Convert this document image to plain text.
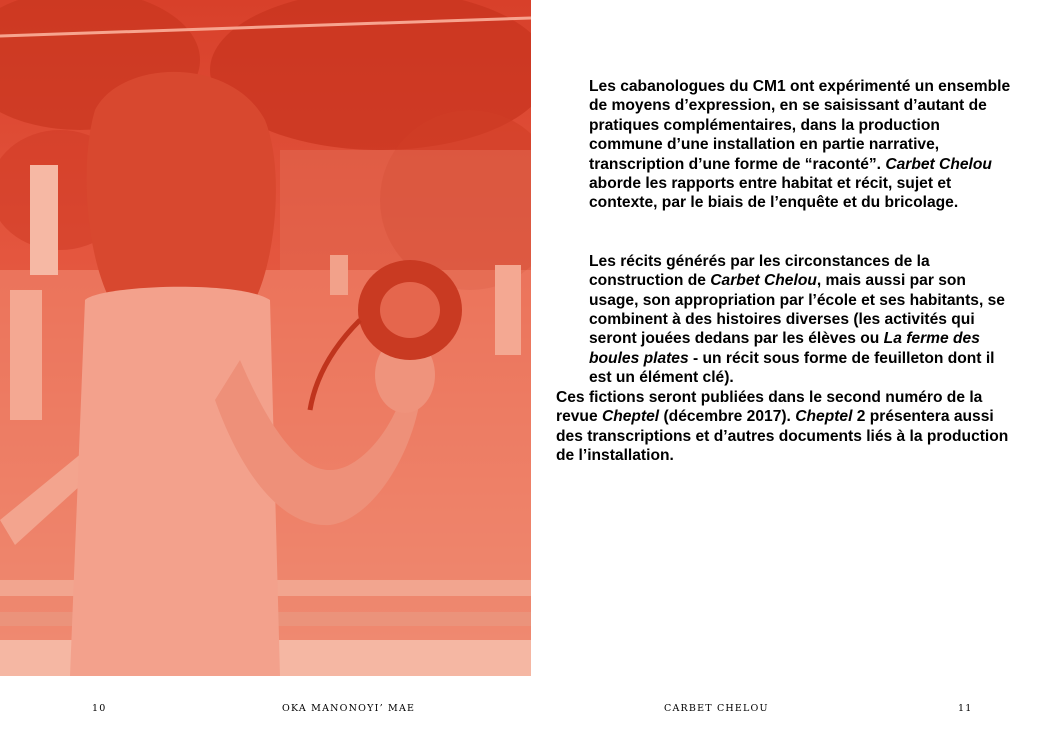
Les cabanologues du CM1 ont expérimenté un ensemble de moyens d’expression, en se saisissant d’autant de pratiques complémentaires, dans la production commune d’une installation en partie narrative, transcription d’une forme de “raconté”. Carbet Chelou aborde les rapports entre habitat et récit, sujet et contexte, par le biais de l’enquête et du bricolage.

Les récits générés par les circonstances de la construction de Carbet Chelou, mais aussi par son usage, son appropriation par l’école et ses habitants, se combinent à des histoires diverses (les activités qui seront jouées dedans par les élèves ou La ferme des boules plates - un récit sous forme de feuilleton dont il est un élément clé).

Ces fictions seront publiées dans le second numéro de la revue Cheptel (décembre 2017). Cheptel 2 présentera aussi des transcriptions et d’autres documents liés à la production de l’installation.

10	OKA MANONOYI’ MAE	CARBET CHELOU	11
